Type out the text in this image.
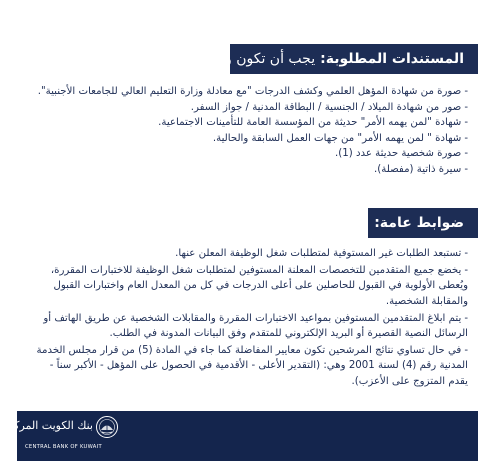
المستندات المطلوبة:
يجب أن تكون واضحة
-صورة من شهادة المؤهل العلمي وكشف الدرجات "مع معادلة وزارة التعليم العالي للجامعات الأجنبية".
-صور من شهادة الميلاد / الجنسية / البطاقة المدنية / جواز السفر.
-شهادة "لمن يهمه الأمر" حديثة من المؤسسة العامة للتأمينات الاجتماعية.
-شهادة " لمن يهمه الأمر" من جهات العمل السابقة والحالية.
-صورة شخصية حديثة عدد (1).
-سيرة ذاتية (مفصلة).
ضوابط عامة:
-تستبعد الطلبات غير المستوفية لمتطلبات شغل الوظيفة المعلن عنها.
-يخضع جميع المتقدمين للتخصصات المعلنة المستوفين لمتطلبات شغل الوظيفة للاختبارات المقررة، ويُعطى الأولوية في القبول للحاصلين على أعلى الدرجات في كل من المعدل العام واختبارات القبول والمقابلة الشخصية.
-يتم ابلاغ المتقدمين المستوفين بمواعيد الاختبارات المقررة والمقابلات الشخصية عن طريق الهاتف أو الرسائل النصية القصيرة أو البريد الإلكتروني للمتقدم وفق البيانات المدونة في الطلب.
-في حال تساوي نتائج المرشحين تكون معايير المفاضلة كما جاء في المادة (5) من قرار مجلس الخدمة المدنية رقم (4) لسنة 2001 وهي: (التقدير الأعلى - الأقدمية في الحصول على المؤهل - الأكبر سناً - يقدم المتزوج على الأعزب).
بنك الكويت المركزي
CENTRAL BANK OF KUWAIT
